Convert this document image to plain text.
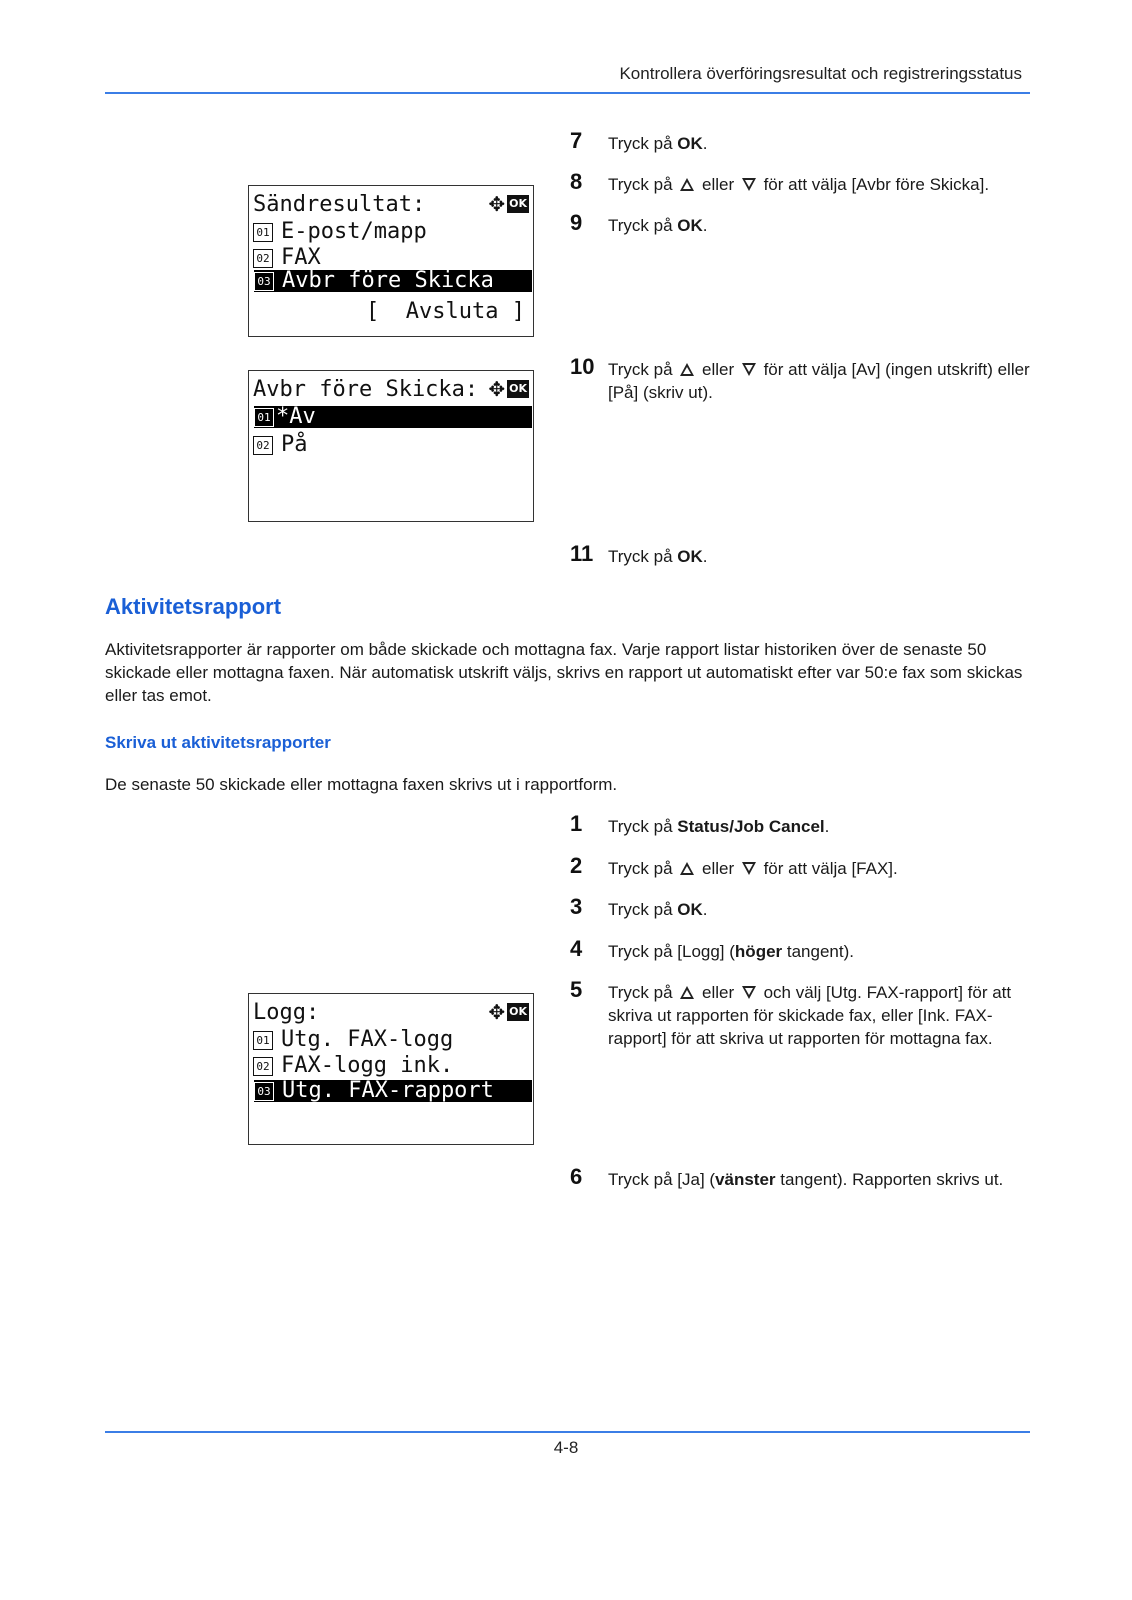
Kontrollera överföringsresultat och registreringsstatus
7 Tryck på OK.
8 Tryck på  eller  för att välja [Avbr före Skicka].
9 Tryck på OK.
10 Tryck på  eller  för att välja [Av] (ingen utskrift) eller [På] (skriv ut).
11 Tryck på OK.
Sändresultat:	✥ OK
01 E-post/mapp
02 FAX
03 Avbr före Skicka
[  Avsluta ]
Avbr före Skicka: ✥ OK
01 *Av
02 På
Aktivitetsrapport
Aktivitetsrapporter är rapporter om både skickade och mottagna fax. Varje rapport listar historiken över de senaste 50 skickade eller mottagna faxen. När automatisk utskrift väljs, skrivs en rapport ut automatiskt efter var 50:e fax som skickas eller tas emot.
Skriva ut aktivitetsrapporter
De senaste 50 skickade eller mottagna faxen skrivs ut i rapportform.
1 Tryck på Status/Job Cancel.
2 Tryck på  eller  för att välja [FAX].
3 Tryck på OK.
4 Tryck på [Logg] (höger tangent).
5 Tryck på  eller  och välj [Utg. FAX-rapport] för att skriva ut rapporten för skickade fax, eller [Ink. FAX-rapport] för att skriva ut rapporten för mottagna fax.
6 Tryck på [Ja] (vänster tangent). Rapporten skrivs ut.
Logg:	✥ OK
01 Utg. FAX-logg
02 FAX-logg ink.
03 Utg. FAX-rapport
4-8
